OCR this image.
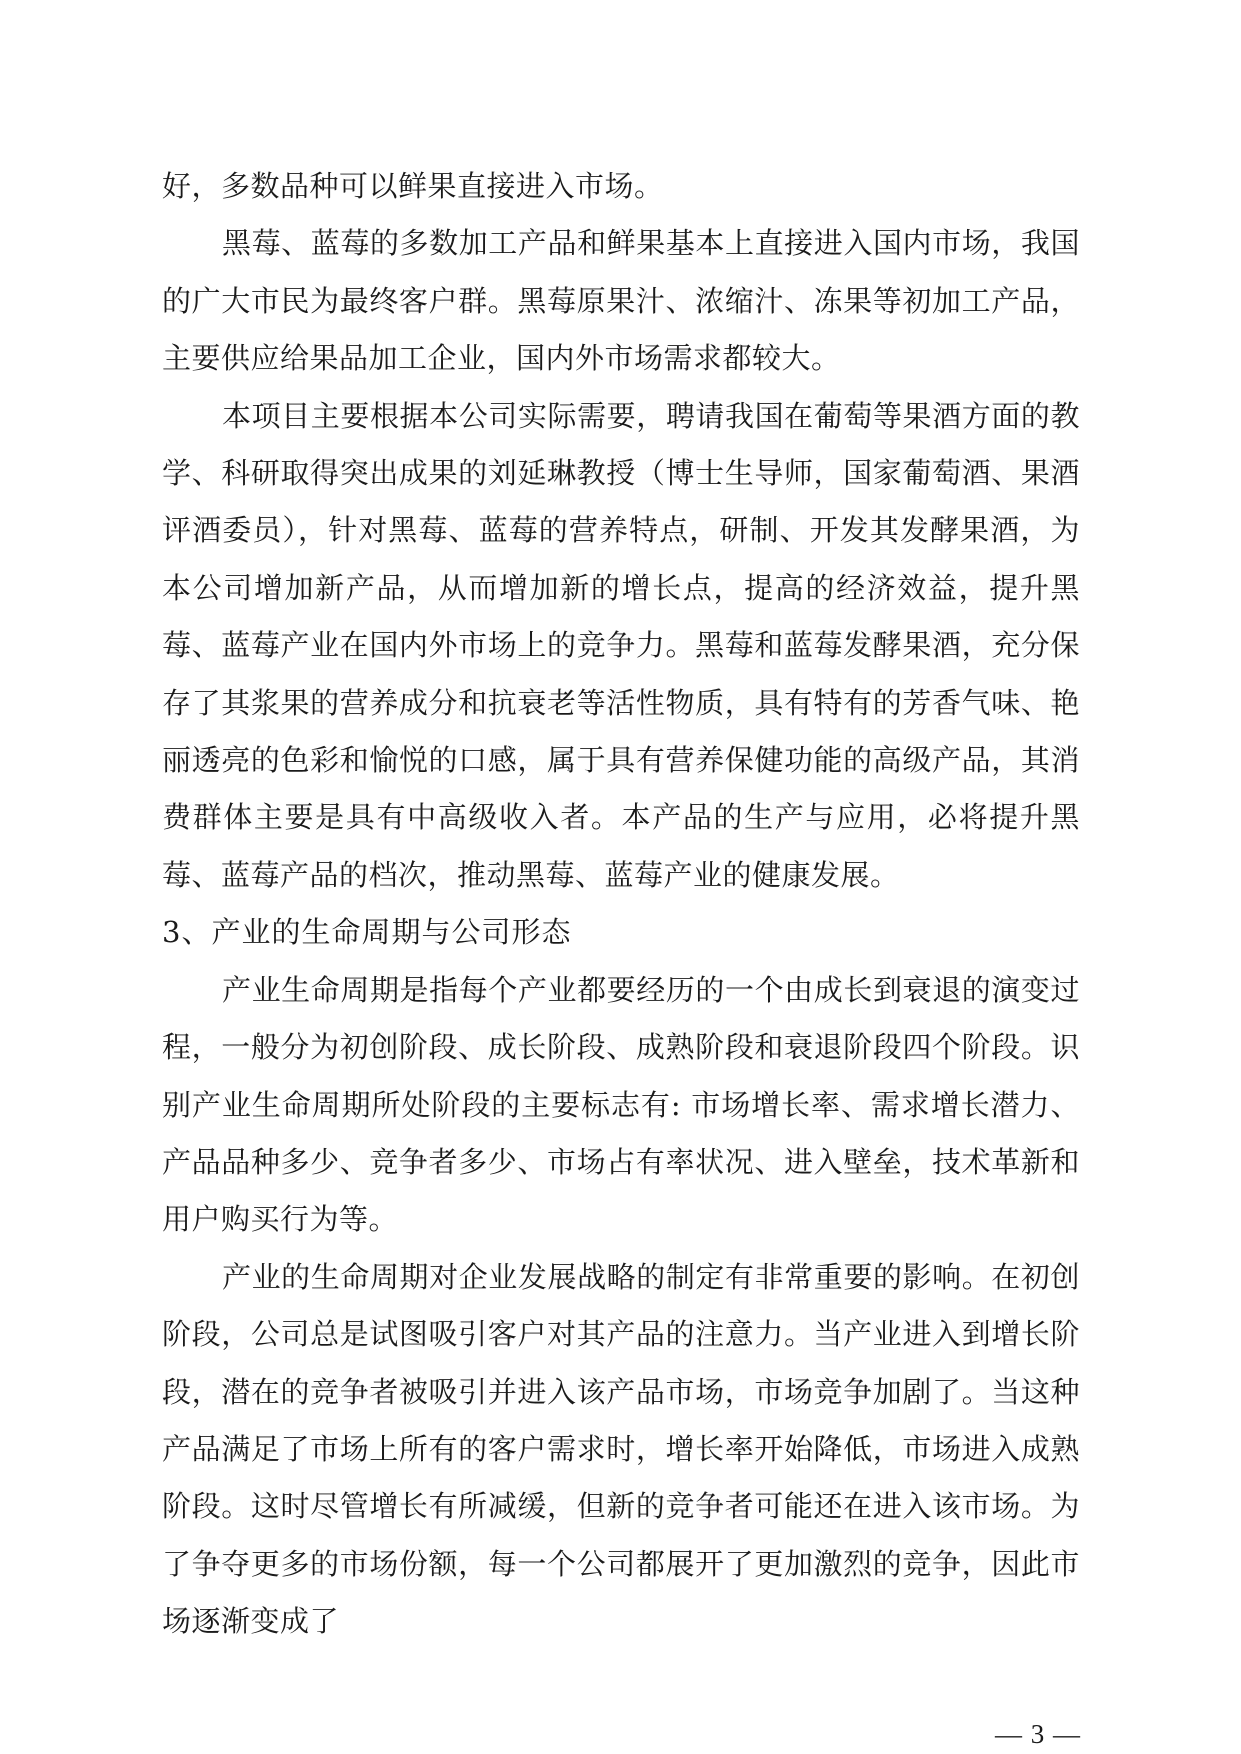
好，多数品种可以鲜果直接进入市场。

黑莓、蓝莓的多数加工产品和鲜果基本上直接进入国内市场，我国的广大市民为最终客户群。黑莓原果汁、浓缩汁、冻果等初加工产品，主要供应给果品加工企业，国内外市场需求都较大。

本项目主要根据本公司实际需要，聘请我国在葡萄等果酒方面的教学、科研取得突出成果的刘延琳教授（博士生导师，国家葡萄酒、果酒评酒委员），针对黑莓、蓝莓的营养特点，研制、开发其发酵果酒，为本公司增加新产品，从而增加新的增长点，提高的经济效益，提升黑莓、蓝莓产业在国内外市场上的竞争力。黑莓和蓝莓发酵果酒，充分保存了其浆果的营养成分和抗衰老等活性物质，具有特有的芳香气味、艳丽透亮的色彩和愉悦的口感，属于具有营养保健功能的高级产品，其消费群体主要是具有中高级收入者。本产品的生产与应用，必将提升黑莓、蓝莓产品的档次，推动黑莓、蓝莓产业的健康发展。

3、产业的生命周期与公司形态

产业生命周期是指每个产业都要经历的一个由成长到衰退的演变过程，一般分为初创阶段、成长阶段、成熟阶段和衰退阶段四个阶段。识别产业生命周期所处阶段的主要标志有: 市场增长率、需求增长潜力、产品品种多少、竞争者多少、市场占有率状况、进入壁垒，技术革新和用户购买行为等。

产业的生命周期对企业发展战略的制定有非常重要的影响。在初创阶段，公司总是试图吸引客户对其产品的注意力。当产业进入到增长阶段，潜在的竞争者被吸引并进入该产品市场，市场竞争加剧了。当这种产品满足了市场上所有的客户需求时，增长率开始降低，市场进入成熟阶段。这时尽管增长有所减缓，但新的竞争者可能还在进入该市场。为了争夺更多的市场份额，每一个公司都展开了更加激烈的竞争，因此市场逐渐变成了

— 3 —
